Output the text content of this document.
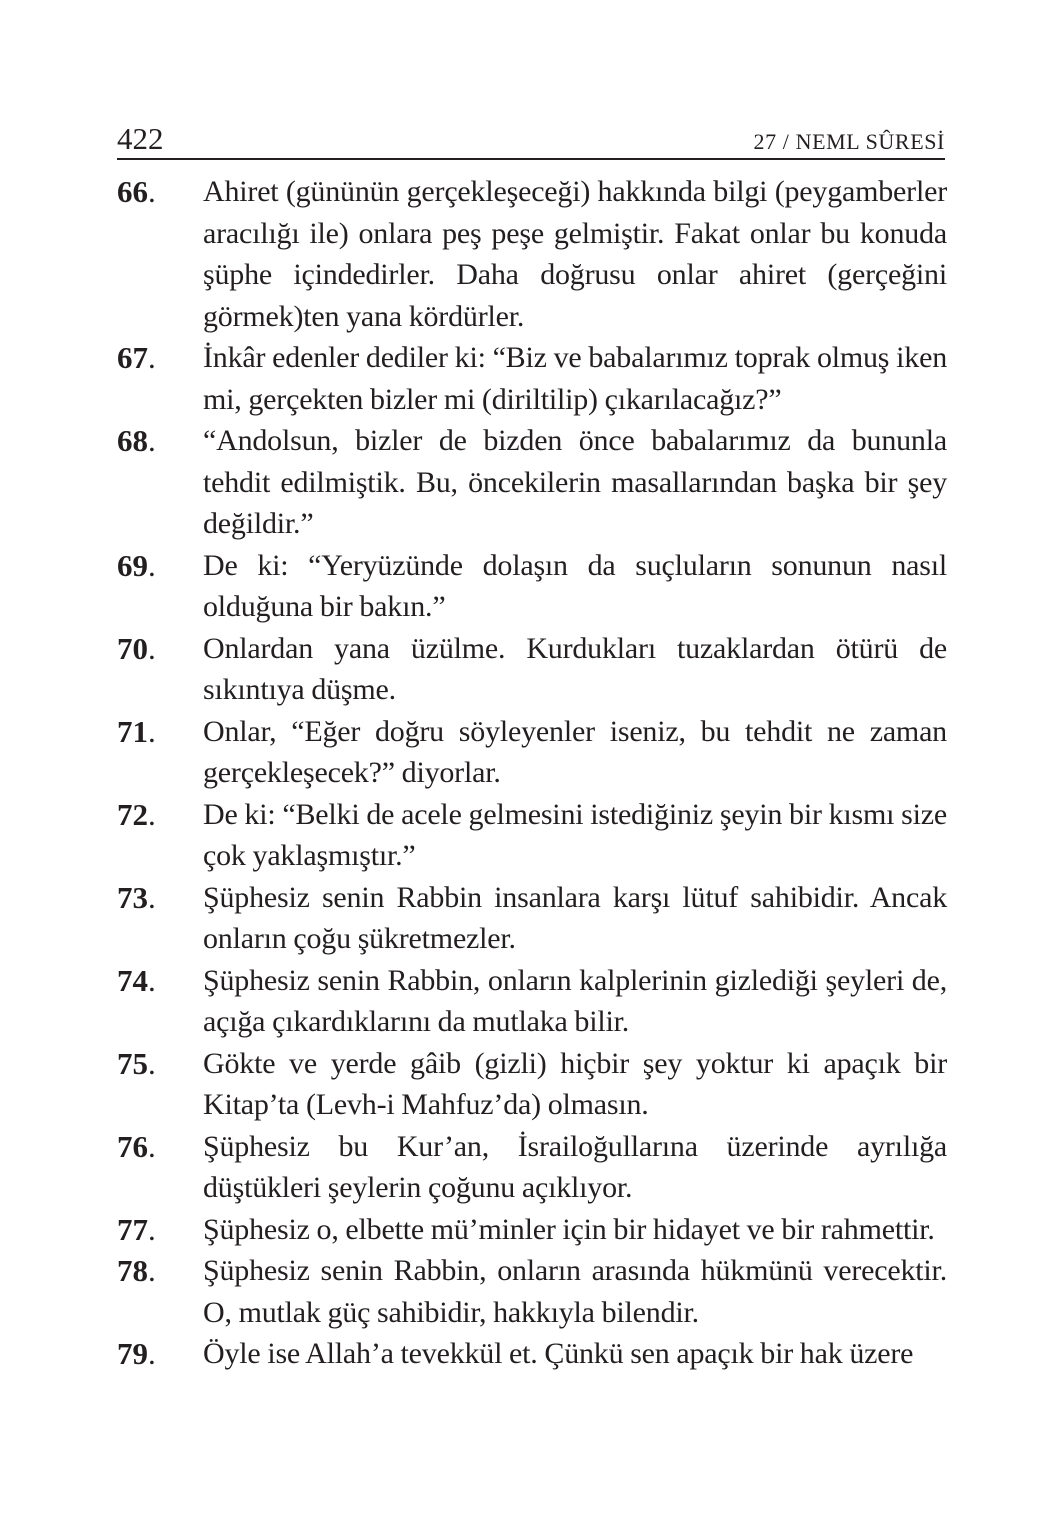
422	27 / NEML SÛRESİ
66.	Ahiret (gününün gerçekleşeceği) hakkında bilgi (peygamberler aracılığı ile) onlara peş peşe gelmiştir. Fakat onlar bu konuda şüphe içindedirler. Daha doğrusu onlar ahiret (gerçeğini görmek)ten yana kördürler.
67.	İnkâr edenler dediler ki: “Biz ve babalarımız toprak olmuş iken mi, gerçekten bizler mi (diriltilip) çıkarılacağız?”
68.	“Andolsun, bizler de bizden önce babalarımız da bununla tehdit edilmiştik. Bu, öncekilerin masallarından başka bir şey değildir.”
69.	De ki: “Yeryüzünde dolaşın da suçluların sonunun nasıl olduğuna bir bakın.”
70.	Onlardan yana üzülme. Kurdukları tuzaklardan ötürü de sıkıntıya düşme.
71.	Onlar, “Eğer doğru söyleyenler iseniz, bu tehdit ne zaman gerçekleşecek?” diyorlar.
72.	De ki: “Belki de acele gelmesini istediğiniz şeyin bir kısmı size çok yaklaşmıştır.”
73.	Şüphesiz senin Rabbin insanlara karşı lütuf sahibidir. Ancak onların çoğu şükretmezler.
74.	Şüphesiz senin Rabbin, onların kalplerinin gizlediği şeyleri de, açığa çıkardıklarını da mutlaka bilir.
75.	Gökte ve yerde gâib (gizli) hiçbir şey yoktur ki apaçık bir Kitap’ta (Levh-i Mahfuz’da) olmasın.
76.	Şüphesiz bu Kur’an, İsrailoğullarına üzerinde ayrılığa düştükleri şeylerin çoğunu açıklıyor.
77.	Şüphesiz o, elbette mü’minler için bir hidayet ve bir rahmettir.
78.	Şüphesiz senin Rabbin, onların arasında hükmünü verecektir. O, mutlak güç sahibidir, hakkıyla bilendir.
79.	Öyle ise Allah’a tevekkül et. Çünkü sen apaçık bir hak üzere
